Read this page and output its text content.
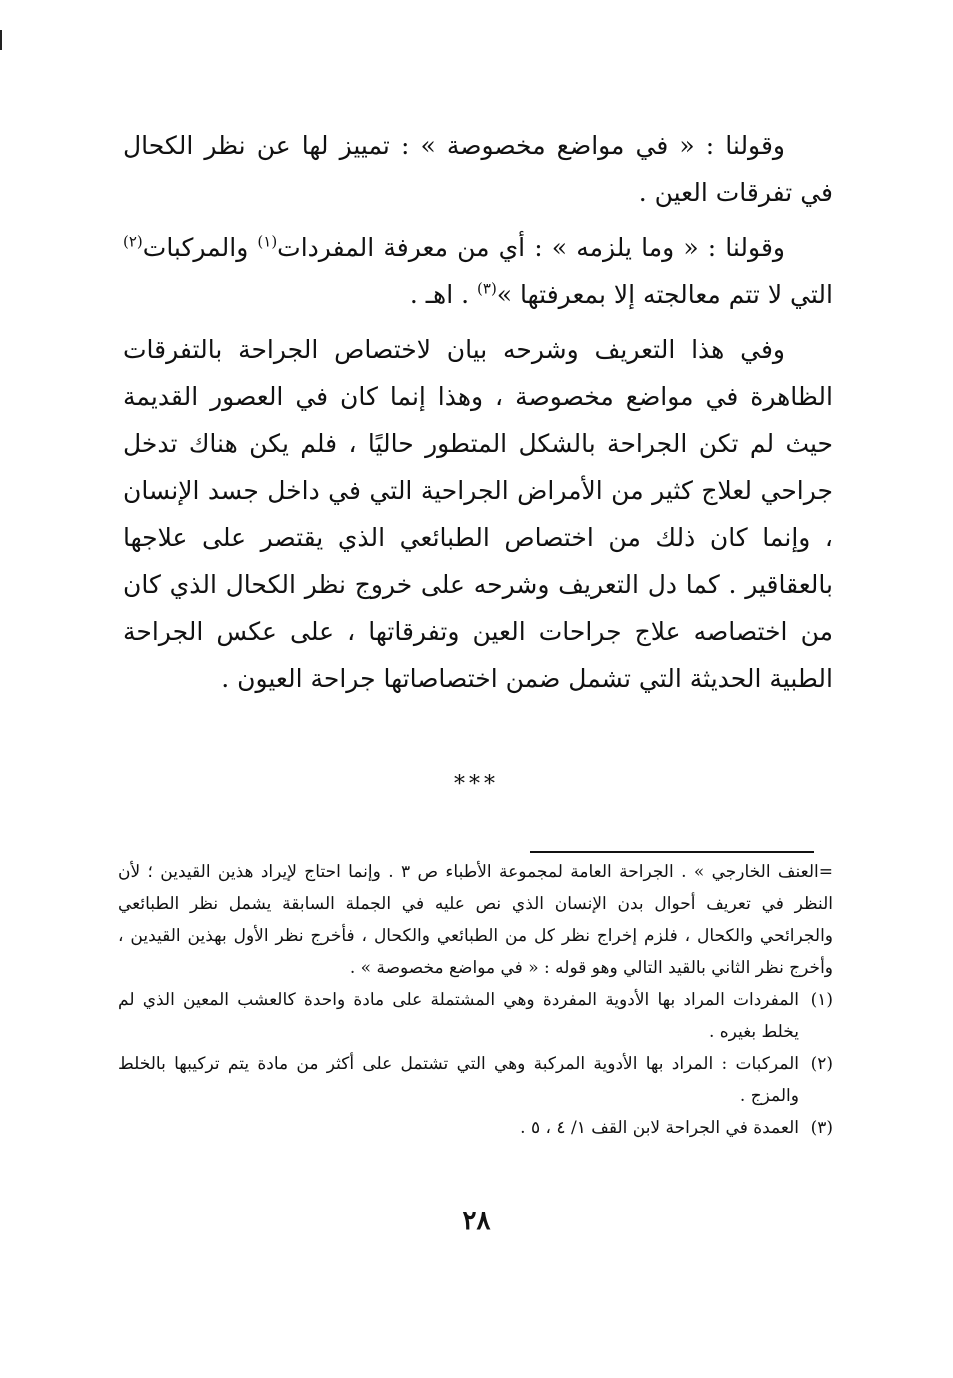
وقولنا : « في مواضع مخصوصة » : تمييز لها عن نظر الكحال في تفرقات العين .

وقولنا : « وما يلزمه » : أي من معرفة المفردات$^{(١)}$ والمركبات$^{(٢)}$ التي لا تتم معالجته إلا بمعرفتها »$^{(٣)}$ . اهـ .

وفي هذا التعريف وشرحه بيان لاختصاص الجراحة بالتفرقات الظاهرة في مواضع مخصوصة ، وهذا إنما كان في العصور القديمة حيث لم تكن الجراحة بالشكل المتطور حاليًا ، فلم يكن هناك تدخل جراحي لعلاج كثير من الأمراض الجراحية التي في داخل جسد الإنسان ، وإنما كان ذلك من اختصاص الطبائعي الذي يقتصر على علاجها بالعقاقير . كما دل التعريف وشرحه على خروج نظر الكحال الذي كان من اختصاصه علاج جراحات العين وتفرقاتها ، على عكس الجراحة الطبية الحديثة التي تشمل ضمن اختصاصاتها جراحة العيون .

***

=العنف الخارجي » . الجراحة العامة لمجموعة الأطباء ص ٣ . وإنما احتاج لإيراد هذين القيدين ؛ لأن النظر في تعريف أحوال بدن الإنسان الذي نص عليه في الجملة السابقة يشمل نظر الطبائعي والجرائحي والكحال ، فلزم إخراج نظر كل من الطبائعي والكحال ، فأخرج نظر الأول بهذين القيدين ، وأخرج نظر الثاني بالقيد التالي وهو قوله : « في مواضع مخصوصة » .

(١)
المفردات المراد بها الأدوية المفردة وهي المشتملة على مادة واحدة كالعشب المعين الذي لم يخلط بغيره .

(٢)
المركبات : المراد بها الأدوية المركبة وهي التي تشتمل على أكثر من مادة يتم تركيبها بالخلط والمزج .

(٣)
العمدة في الجراحة لابن القف ١/ ٤ ، ٥ .

٢٨
